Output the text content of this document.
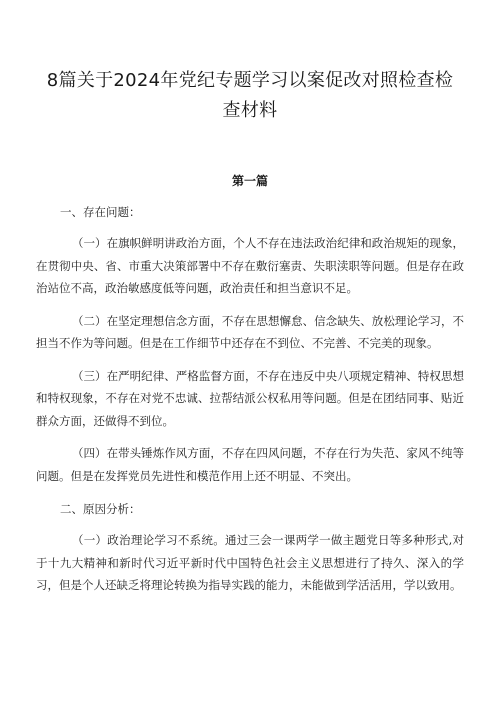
8篇关于2024年党纪专题学习以案促改对照检查检
查材料
第一篇

一、存在问题：

（一）在旗帜鲜明讲政治方面，个人不存在违法政治纪律和政治规矩的现象，在贯彻中央、省、市重大决策部署中不存在敷衍塞责、失职渎职等问题。但是存在政治站位不高，政治敏感度低等问题，政治责任和担当意识不足。

（二）在坚定理想信念方面，不存在思想懈怠、信念缺失、放松理论学习，不担当不作为等问题。但是在工作细节中还存在不到位、不完善、不完美的现象。

（三）在严明纪律、严格监督方面，不存在违反中央八项规定精神、特权思想和特权现象，不存在对党不忠诚、拉帮结派公权私用等问题。但是在团结同事、贴近群众方面，还做得不到位。

（四）在带头锤炼作风方面，不存在四风问题，不存在行为失范、家风不纯等问题。但是在发挥党员先进性和模范作用上还不明显、不突出。

二、原因分析：

（一）政治理论学习不系统。通过三会一课两学一做主题党日等多种形式,对于十九大精神和新时代习近平新时代中国特色社会主义思想进行了持久、深入的学习，但是个人还缺乏将理论转换为指导实践的能力，未能做到学活活用，学以致用。
